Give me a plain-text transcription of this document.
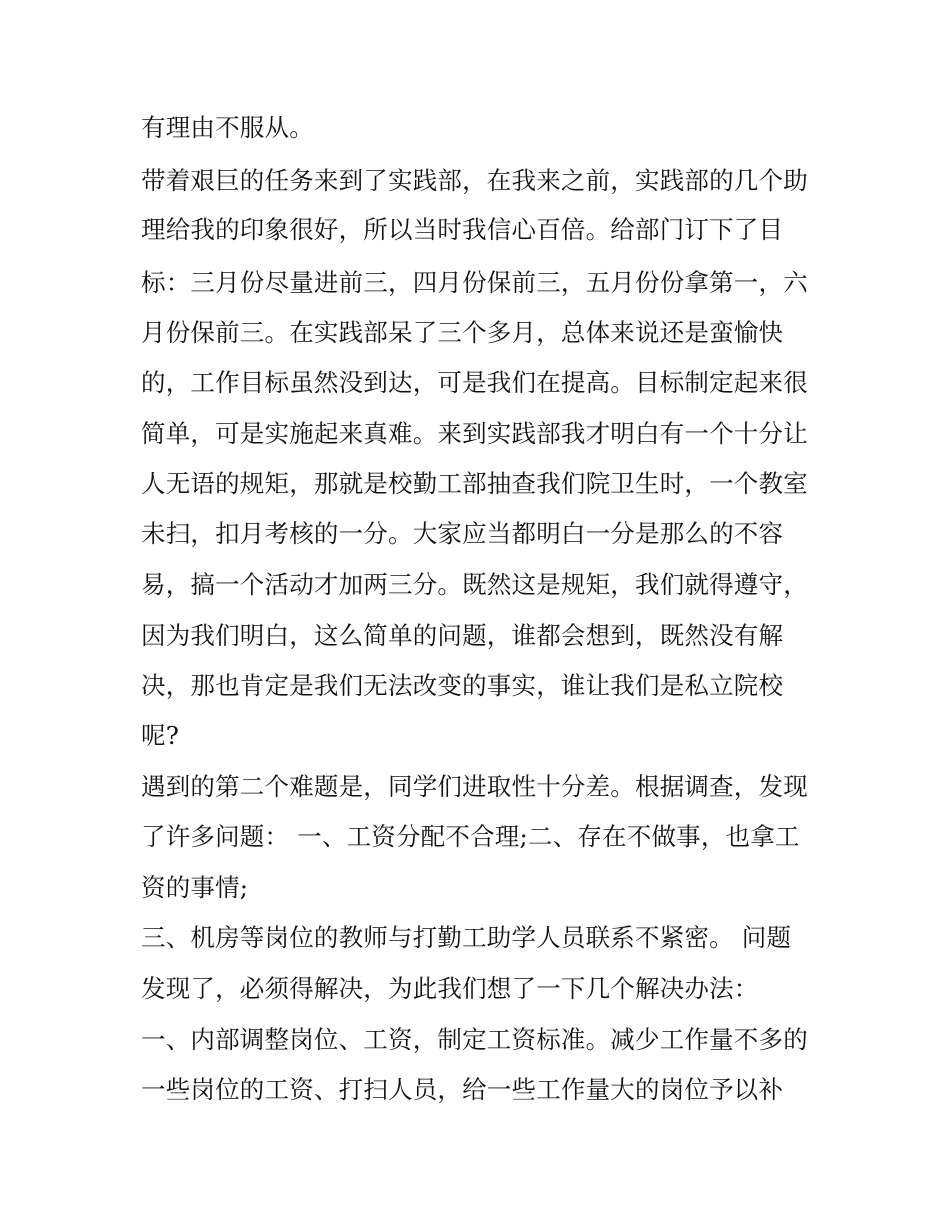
有理由不服从。
带着艰巨的任务来到了实践部，在我来之前，实践部的几个助
理给我的印象很好，所以当时我信心百倍。给部门订下了目
标：三月份尽量进前三，四月份保前三，五月份份拿第一，六
月份保前三。在实践部呆了三个多月，总体来说还是蛮愉快
的，工作目标虽然没到达，可是我们在提高。目标制定起来很
简单，可是实施起来真难。来到实践部我才明白有一个十分让
人无语的规矩，那就是校勤工部抽查我们院卫生时，一个教室
未扫，扣月考核的一分。大家应当都明白一分是那么的不容
易，搞一个活动才加两三分。既然这是规矩，我们就得遵守，
因为我们明白，这么简单的问题，谁都会想到，既然没有解
决，那也肯定是我们无法改变的事实，谁让我们是私立院校
呢?
遇到的第二个难题是，同学们进取性十分差。根据调查，发现
了许多问题： 一、工资分配不合理;二、存在不做事，也拿工
资的事情;
三、机房等岗位的教师与打勤工助学人员联系不紧密。 问题
发现了，必须得解决，为此我们想了一下几个解决办法：
一、内部调整岗位、工资，制定工资标准。减少工作量不多的
一些岗位的工资、打扫人员，给一些工作量大的岗位予以补
